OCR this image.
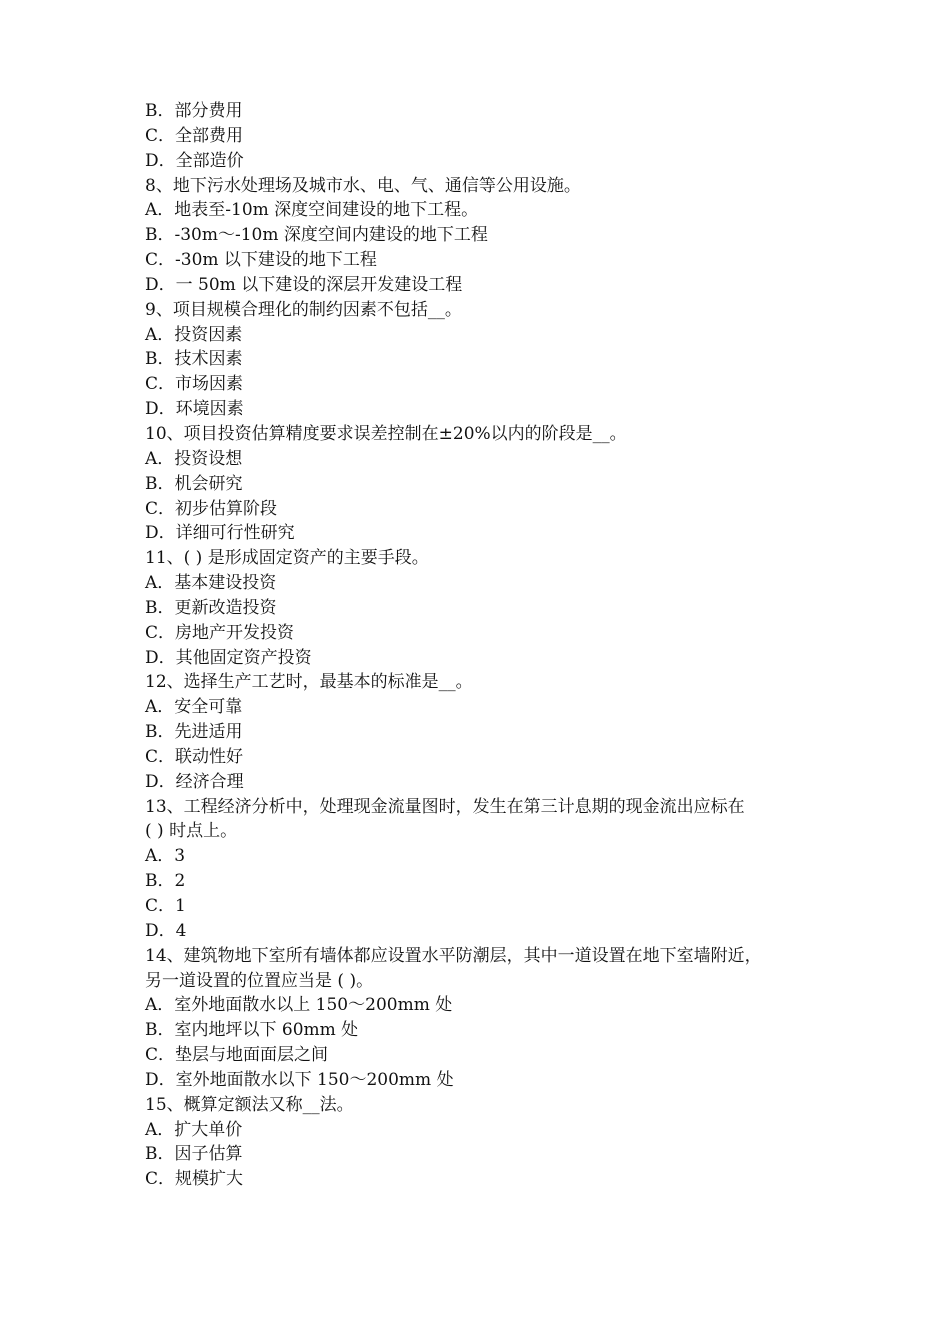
B．部分费用
C．全部费用
D．全部造价
8、地下污水处理场及城市水、电、气、通信等公用设施。
A．地表至-10m 深度空间建设的地下工程。
B．-30m～-10m 深度空间内建设的地下工程
C．-30m 以下建设的地下工程
D．一 50m 以下建设的深层开发建设工程
9、项目规模合理化的制约因素不包括__。
A．投资因素
B．技术因素
C．市场因素
D．环境因素
10、项目投资估算精度要求误差控制在±20%以内的阶段是__。
A．投资设想
B．机会研究
C．初步估算阶段
D．详细可行性研究
11、( ) 是形成固定资产的主要手段。
A．基本建设投资
B．更新改造投资
C．房地产开发投资
D．其他固定资产投资
12、选择生产工艺时，最基本的标准是__。
A．安全可靠
B．先进适用
C．联动性好
D．经济合理
13、工程经济分析中，处理现金流量图时，发生在第三计息期的现金流出应标在
( ) 时点上。
A．3
B．2
C．1
D．4
14、建筑物地下室所有墙体都应设置水平防潮层，其中一道设置在地下室墙附近，
另一道设置的位置应当是 ( )。
A．室外地面散水以上 150～200mm 处
B．室内地坪以下 60mm 处
C．垫层与地面面层之间
D．室外地面散水以下 150～200mm 处
15、概算定额法又称__法。
A．扩大单价
B．因子估算
C．规模扩大
